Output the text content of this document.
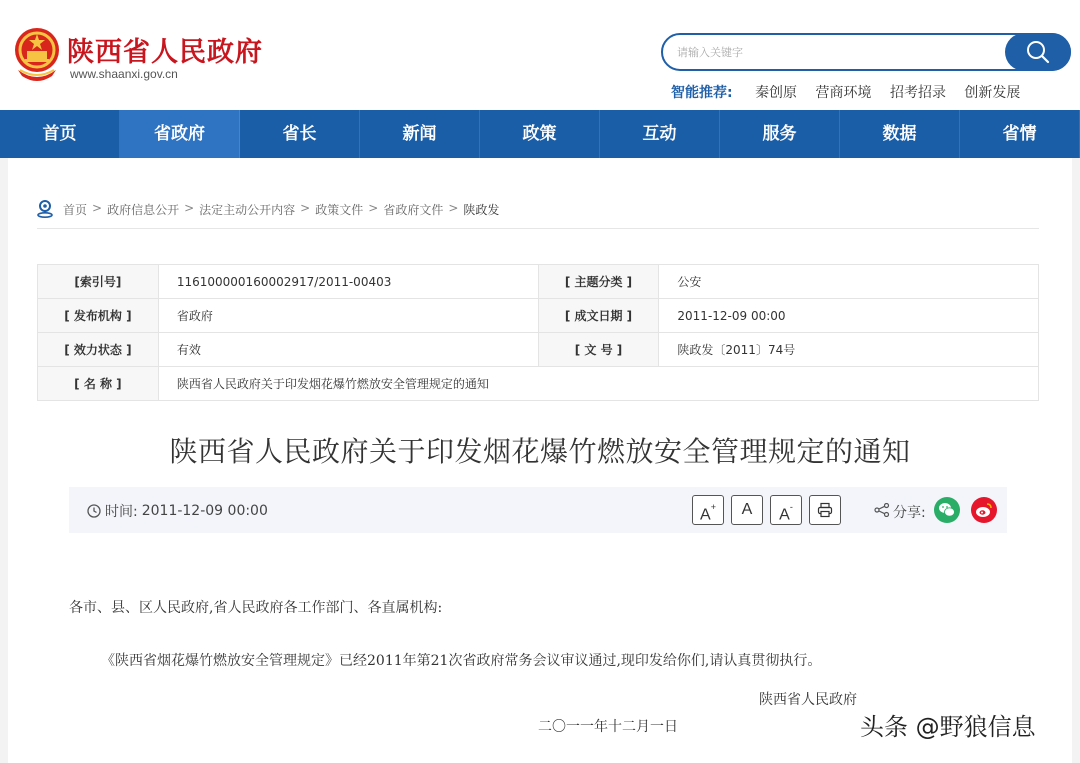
陕西省人民政府
www.shaanxi.gov.cn
请输入关键字
智能推荐: 秦创原 营商环境 招考招录 创新发展
首页	省政府	省长	新闻	政策	互动	服务	数据	省情
首页 > 政府信息公开 > 法定主动公开内容 > 政策文件 > 省政府文件 > 陕政发
[索引号]	116100000160002917/2011-00403	[ 主题分类 ]	公安
[ 发布机构 ]	省政府	[ 成文日期 ]	2011-12-09 00:00
[ 效力状态 ]	有效	[ 文 号 ]	陕政发〔2011〕74号
[ 名 称 ]	陕西省人民政府关于印发烟花爆竹燃放安全管理规定的通知		
陕西省人民政府关于印发烟花爆竹燃放安全管理规定的通知
时间: 2011-12-09 00:00	A+	A	A-	分享:
各市、县、区人民政府,省人民政府各工作部门、各直属机构:
《陕西省烟花爆竹燃放安全管理规定》已经2011年第21次省政府常务会议审议通过,现印发给你们,请认真贯彻执行。
陕西省人民政府
二〇一一年十二月一日	头条 @野狼信息
